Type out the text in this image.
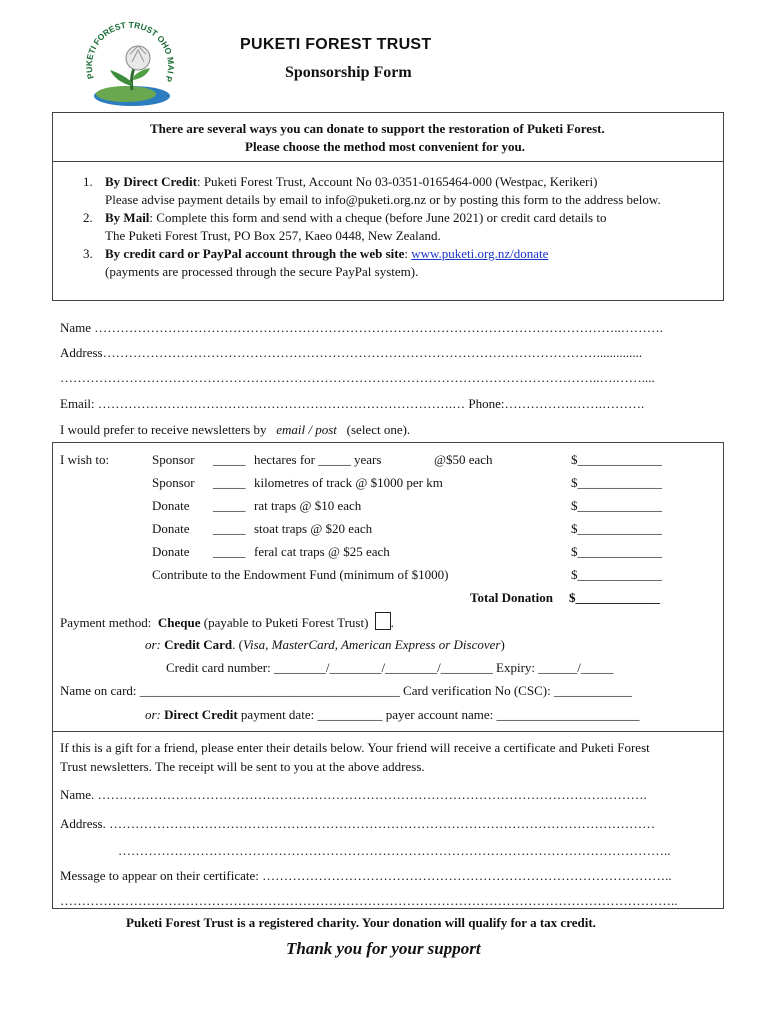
PUKETI FOREST TRUST OHO MAI P
PUKETI FOREST TRUST
Sponsorship Form
There are several ways you can donate to support the restoration of Puketi Forest.
Please choose the method most convenient for you.
1. By Direct Credit: Puketi Forest Trust, Account No 03-0351-0165464-000 (Westpac, Kerikeri)
Please advise payment details by email to info@puketi.org.nz or by posting this form to the address below.
2. By Mail: Complete this form and send with a cheque (before June 2021) or credit card details to
The Puketi Forest Trust, PO Box 257, Kaeo 0448, New Zealand.
3. By credit card or PayPal account through the web site: www.puketi.org.nz/donate
(payments are processed through the secure PayPal system).
Name …………………………………………………………………………………………………………..……….
Address……………………………………………………………………………………………………..............
……………………………………………………………………………………………………………..….……....
Email: ……………………………………………………………………….… Phone:…………….…….……….
I would prefer to receive newsletters by email / post (select one).
I wish to:	Sponsor _____ hectares for _____ years	@$50 each	$_____________
Sponsor _____ kilometres of track @ $1000 per km	$_____________
Donate _____ rat traps @ $10 each	$_____________
Donate _____ stoat traps @ $20 each	$_____________
Donate _____ feral cat traps @ $25 each	$_____________
Contribute to the Endowment Fund (minimum of $1000)	$_____________
Total Donation $_____________
Payment method: Cheque (payable to Puketi Forest Trust) .
or: Credit Card. (Visa, MasterCard, American Express or Discover)
Credit card number: ________/________/________/________ Expiry: ______/_____
Name on card: ________________________________________ Card verification No (CSC): ____________
or: Direct Credit payment date: __________ payer account name: ______________________
If this is a gift for a friend, please enter their details below. Your friend will receive a certificate and Puketi Forest
Trust newsletters. The receipt will be sent to you at the above address.
Name. ……………………………………………………………………………………………………………….
Address. ………………………………………………………………………………………………………………
………………………………………………………………………………………………………………..
Message to appear on their certificate: …………………………………………………………………………………..
……………………………………………………………………………………………………………………………..
Puketi Forest Trust is a registered charity. Your donation will qualify for a tax credit.
Thank you for your support
